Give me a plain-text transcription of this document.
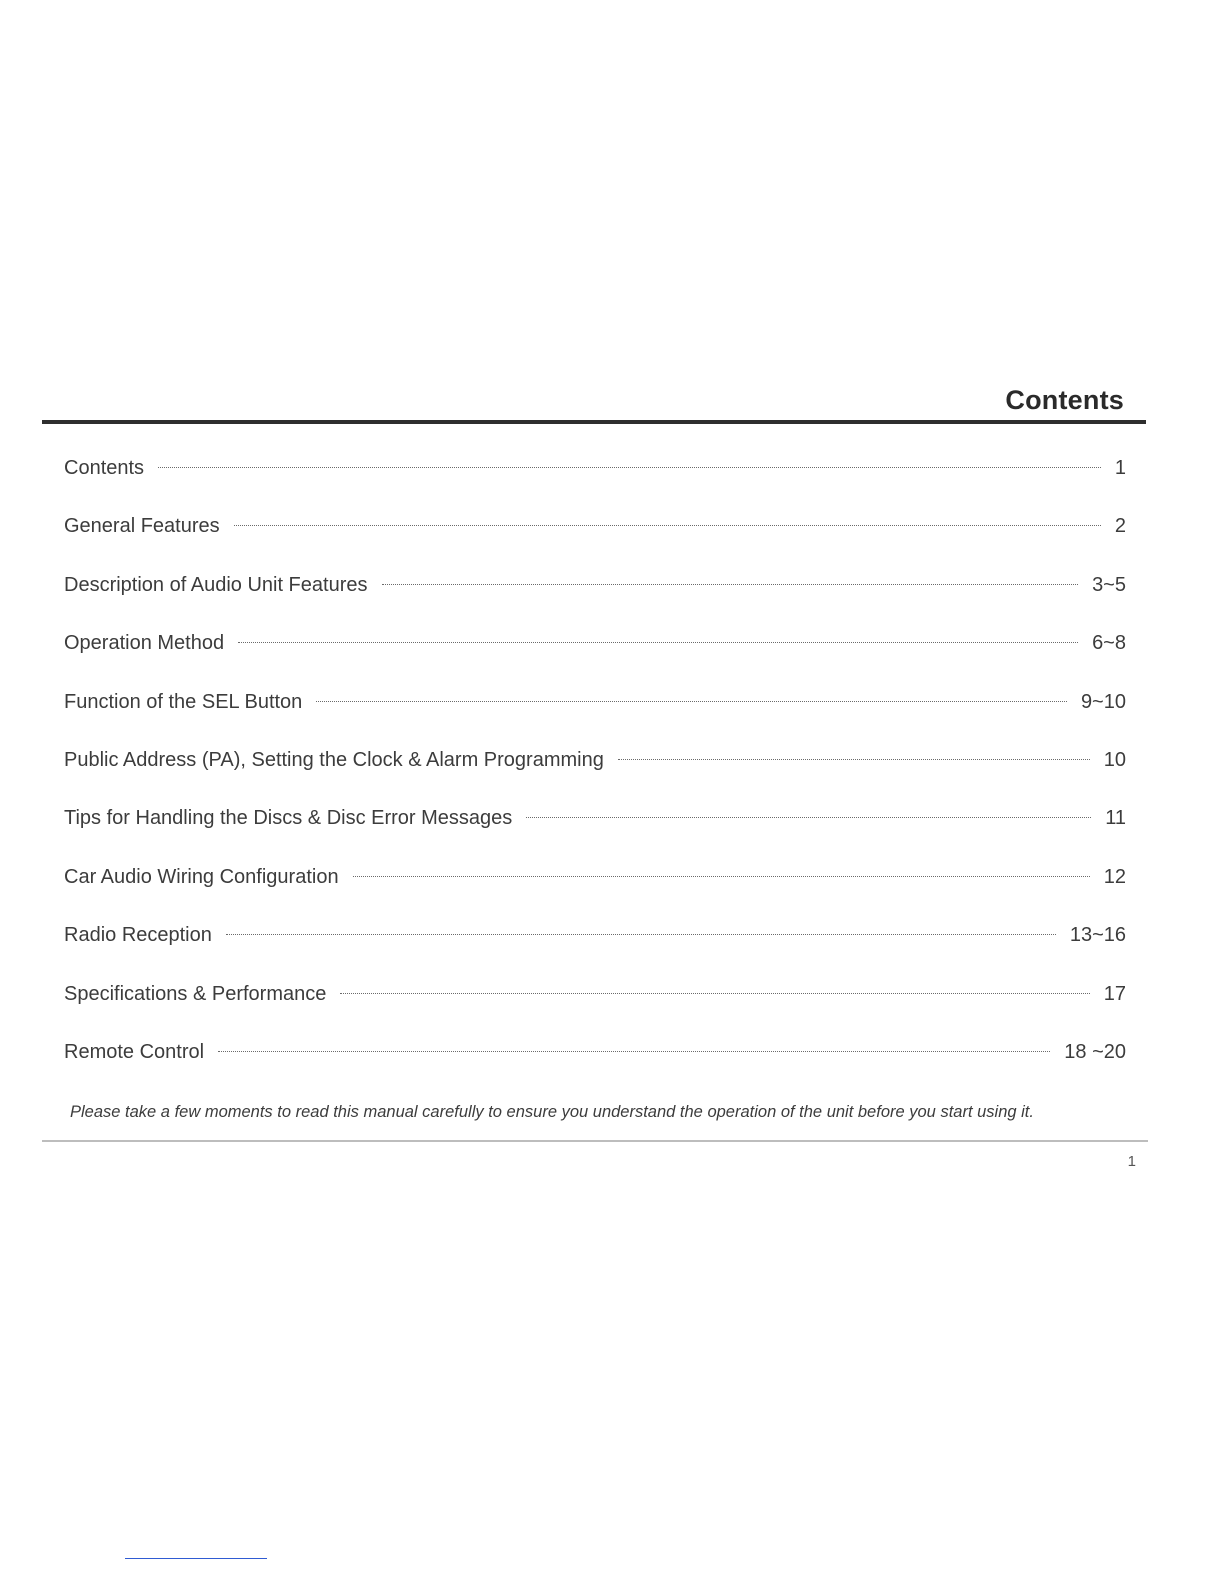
Contents
Contents	1
General Features	2
Description of Audio Unit Features	3~5
Operation Method	6~8
Function of the SEL Button	9~10
Public Address (PA), Setting the Clock & Alarm Programming	10
Tips for Handling the Discs & Disc Error Messages	11
Car Audio Wiring Configuration	12
Radio Reception	13~16
Specifications & Performance	17
Remote Control	18 ~20
Please take a few moments to read this manual carefully to ensure you understand the operation of the unit before you start using it.
1
